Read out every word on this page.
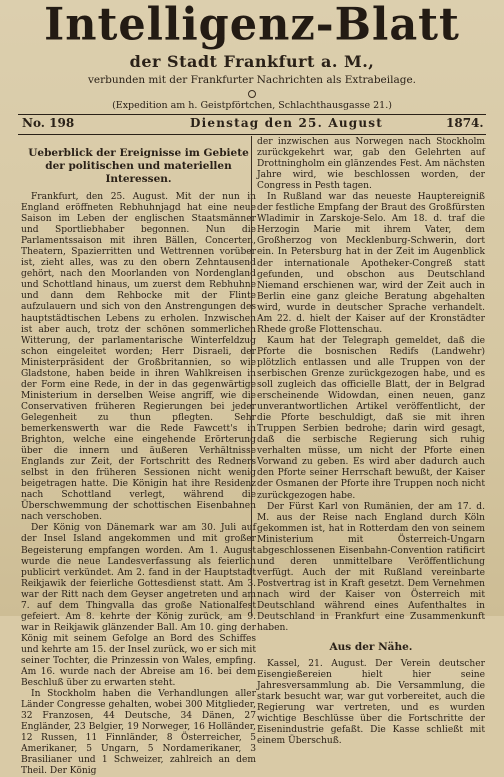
Intelligenz-Blatt
der Stadt Frankfurt a. M.,
verbunden mit der Frankfurter Nachrichten als Extrabeilage.
(Expedition am h. Geistpförtchen, Schlachthausgasse 21.)
No. 198	Dienstag den 25. August	1874.

Ueberblick der Ereignisse im Gebiete der politischen und materiellen Interessen.

Frankfurt, den 25. August. Mit der nun in England eröffneten Rebhuhnjagd hat eine neue Saison im Leben der englischen Staatsmänner und Sportliebhaber begonnen. Nun die Parlamentssaison mit ihren Bällen, Concerten, Theatern, Spazierritten und Wettrennen vorüber ist, zieht alles, was zu den obern Zehntausend gehört, nach den Moorlanden von Nordengland und Schottland hinaus, um zuerst dem Rebhuhne und dann dem Rehbocke mit der Flinte aufzulauern und sich von den Anstrengungen des hauptstädtischen Lebens zu erholen. Inzwischen ist aber auch, trotz der schönen sommerlichen Witterung, der parlamentarische Winterfeldzug schon eingeleitet worden; Herr Disraeli, der Ministerpräsident der Großbritannien, so wie Gladstone, haben beide in ihren Wahlkreisen in der Form eine Rede, in der in das gegenwärtige Ministerium in derselben Weise angriff, wie die Conservativen früheren Regierungen bei jeder Gelegenheit zu thun pflegten. Sehr bemerkenswerth war die Rede Fawcett's in Brighton, welche eine eingehende Erörterung über die innern und äußeren Verhältnisse Englands zur Zeit, der Fortschritt des Redners selbst in den früheren Sessionen nicht wenig beigetragen hatte. Die Königin hat ihre Residenz nach Schottland verlegt, während die Überschwemmung der schottischen Eisenbahnen nach verschoben.

Der König von Dänemark war am 30. Juli auf der Insel Island angekommen und mit großer Begeisterung empfangen worden. Am 1. August wurde die neue Landesverfassung als feierlich publicirt verkündet. Am 2. fand in der Hauptstadt Reikjawik der feierliche Gottesdienst statt. Am 3. war der Ritt nach dem Geyser angetreten und am 7. auf dem Thingvalla das große Nationalfest gefeiert. Am 8. kehrte der König zurück, am 9. war in Reikjawik glänzender Ball. Am 10. ging der König mit seinem Gefolge an Bord des Schiffes und kehrte am 15. der Insel zurück, wo er sich mit seiner Tochter, die Prinzessin von Wales, empfing. Am 16. wurde nach der Abreise am 16. bei dem Beschluß über zu erwarten steht.

In Stockholm haben die Verhandlungen aller Länder Congresse gehalten, wobei 300 Mitglieder, 32 Franzosen, 44 Deutsche, 34 Dänen, 27 Engländer, 23 Belgier, 19 Norweger, 16 Holländer, 12 Russen, 11 Finnländer, 8 Österreicher, 5 Amerikaner, 5 Ungarn, 5 Nordamerikaner, 3 Brasilianer und 1 Schweizer, zahlreich an dem Theil. Der König

der inzwischen aus Norwegen nach Stockholm zurückgekehrt war, gab den Gelehrten auf Drottningholm ein glänzendes Fest. Am nächsten Jahre wird, wie beschlossen worden, der Congress in Pesth tagen.

In Rußland war das neueste Hauptereigniß der festliche Empfang der Braut des Großfürsten Wladimir in Zarskoje-Selo. Am 18. d. traf die Herzogin Marie mit ihrem Vater, dem Großherzog von Mecklenburg-Schwerin, dort ein. In Petersburg hat in der Zeit im Augenblick der internationale Apotheker-Congreß statt gefunden, und obschon aus Deutschland Niemand erschienen war, wird der Zeit auch in Berlin eine ganz gleiche Beratung abgehalten wird, wurde in deutscher Sprache verhandelt. Am 22. d. hielt der Kaiser auf der Kronstädter Rhede große Flottenschau.

Kaum hat der Telegraph gemeldet, daß die Pforte die bosnischen Redifs (Landwehr) plötzlich entlassen und alle Truppen von der serbischen Grenze zurückgezogen habe, und es soll zugleich das officielle Blatt, der in Belgrad erscheinende Widowdan, einen neuen, ganz unverantwortlichen Artikel veröffentlicht, der die Pforte beschuldigt, daß sie mit ihren Truppen Serbien bedrohe; darin wird gesagt, daß die serbische Regierung sich ruhig verhalten müsse, um nicht der Pforte einen Vorwand zu geben. Es wird aber dadurch auch den Pforte seiner Herrschaft bewußt, der Kaiser der Osmanen der Pforte ihre Truppen noch nicht zurückgezogen habe.

Der Fürst Karl von Rumänien, der am 17. d. M. aus der Reise nach England durch Köln gekommen ist, hat in Rotterdam den von seinem Ministerium mit Österreich-Ungarn abgeschlossenen Eisenbahn-Convention ratificirt und deren unmittelbare Veröffentlichung verfügt. Auch der mit Rußland vereinbarte Postvertrag ist in Kraft gesetzt. Dem Vernehmen nach wird der Kaiser von Österreich mit Deutschland während eines Aufenthaltes in Deutschland in Frankfurt eine Zusammenkunft haben.

Aus der Nähe.

Kassel, 21. August. Der Verein deutscher Eisengießereien hielt hier seine Jahresversammlung ab. Die Versammlung, die stark besucht war, war gut vorbereitet, auch die Regierung war vertreten, und es wurden wichtige Beschlüsse über die Fortschritte der Eisenindustrie gefaßt. Die Kasse schließt mit einem Überschuß.
